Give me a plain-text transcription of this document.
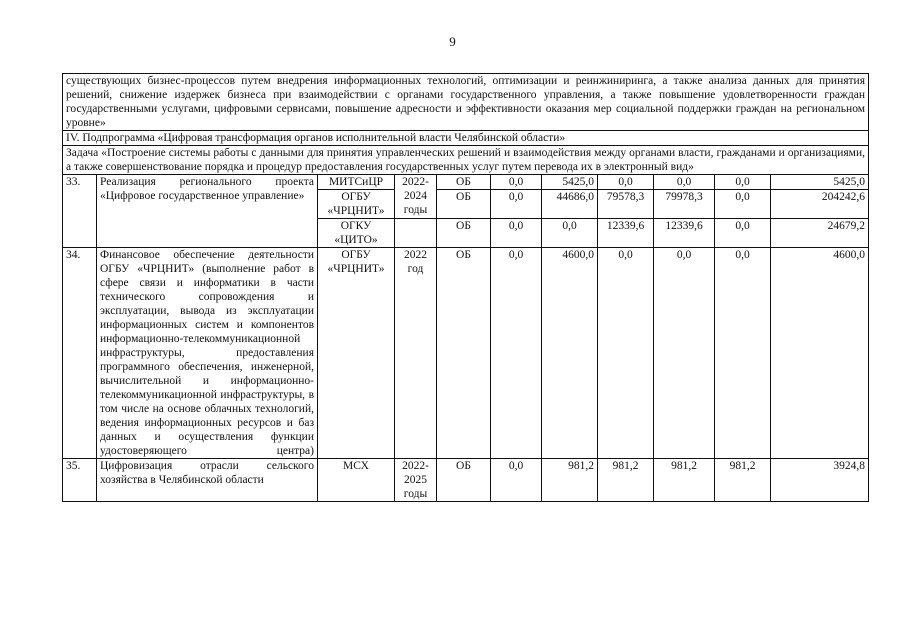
9
существующих бизнес-процессов путем внедрения информационных технологий, оптимизации и реинжиниринга, а также анализа данных для принятия решений, снижение издержек бизнеса при взаимодействии с органами государственного управления, а также повышение удовлетворенности граждан государственными услугами, цифровыми сервисами, повышение адресности и эффективности оказания мер социальной поддержки граждан на региональном уровне»										
IV. Подпрограмма «Цифровая трансформация органов исполнительной власти Челябинской области»										
Задача «Построение системы работы с данными для принятия управленческих решений и взаимодействия между органами власти, гражданами и организациями, а также совершенствование порядка и процедур предоставления государственных услуг путем перевода их в электронный вид»										
33.	Реализация регионального проекта «Цифровое государственное управление»	МИТСиЦР	2022-2024 годы	ОБ	0,0	5425,0	0,0	0,0	0,0	5425,0
		ОГБУ «ЧРЦНИТ»		ОБ	0,0	44686,0	79578,3	79978,3	0,0	204242,6
		ОГКУ «ЦИТО»		ОБ	0,0	0,0	12339,6	12339,6	0,0	24679,2
34.	Финансовое обеспечение деятельности ОГБУ «ЧРЦНИТ» (выполнение работ в сфере связи и информатики в части технического сопровождения и эксплуатации, вывода из эксплуатации информационных систем и компонентов информационно-телекоммуникационной инфраструктуры, предоставления программного обеспечения, инженерной, вычислительной и информационно-телекоммуникационной инфраструктуры, в том числе на основе облачных технологий, ведения информационных ресурсов и баз данных и осуществления функции удостоверяющего центра)	ОГБУ «ЧРЦНИТ»	2022 год	ОБ	0,0	4600,0	0,0	0,0	0,0	4600,0
35.	Цифровизация отрасли сельского хозяйства в Челябинской области	МСХ	2022-2025 годы	ОБ	0,0	981,2	981,2	981,2	981,2	3924,8
